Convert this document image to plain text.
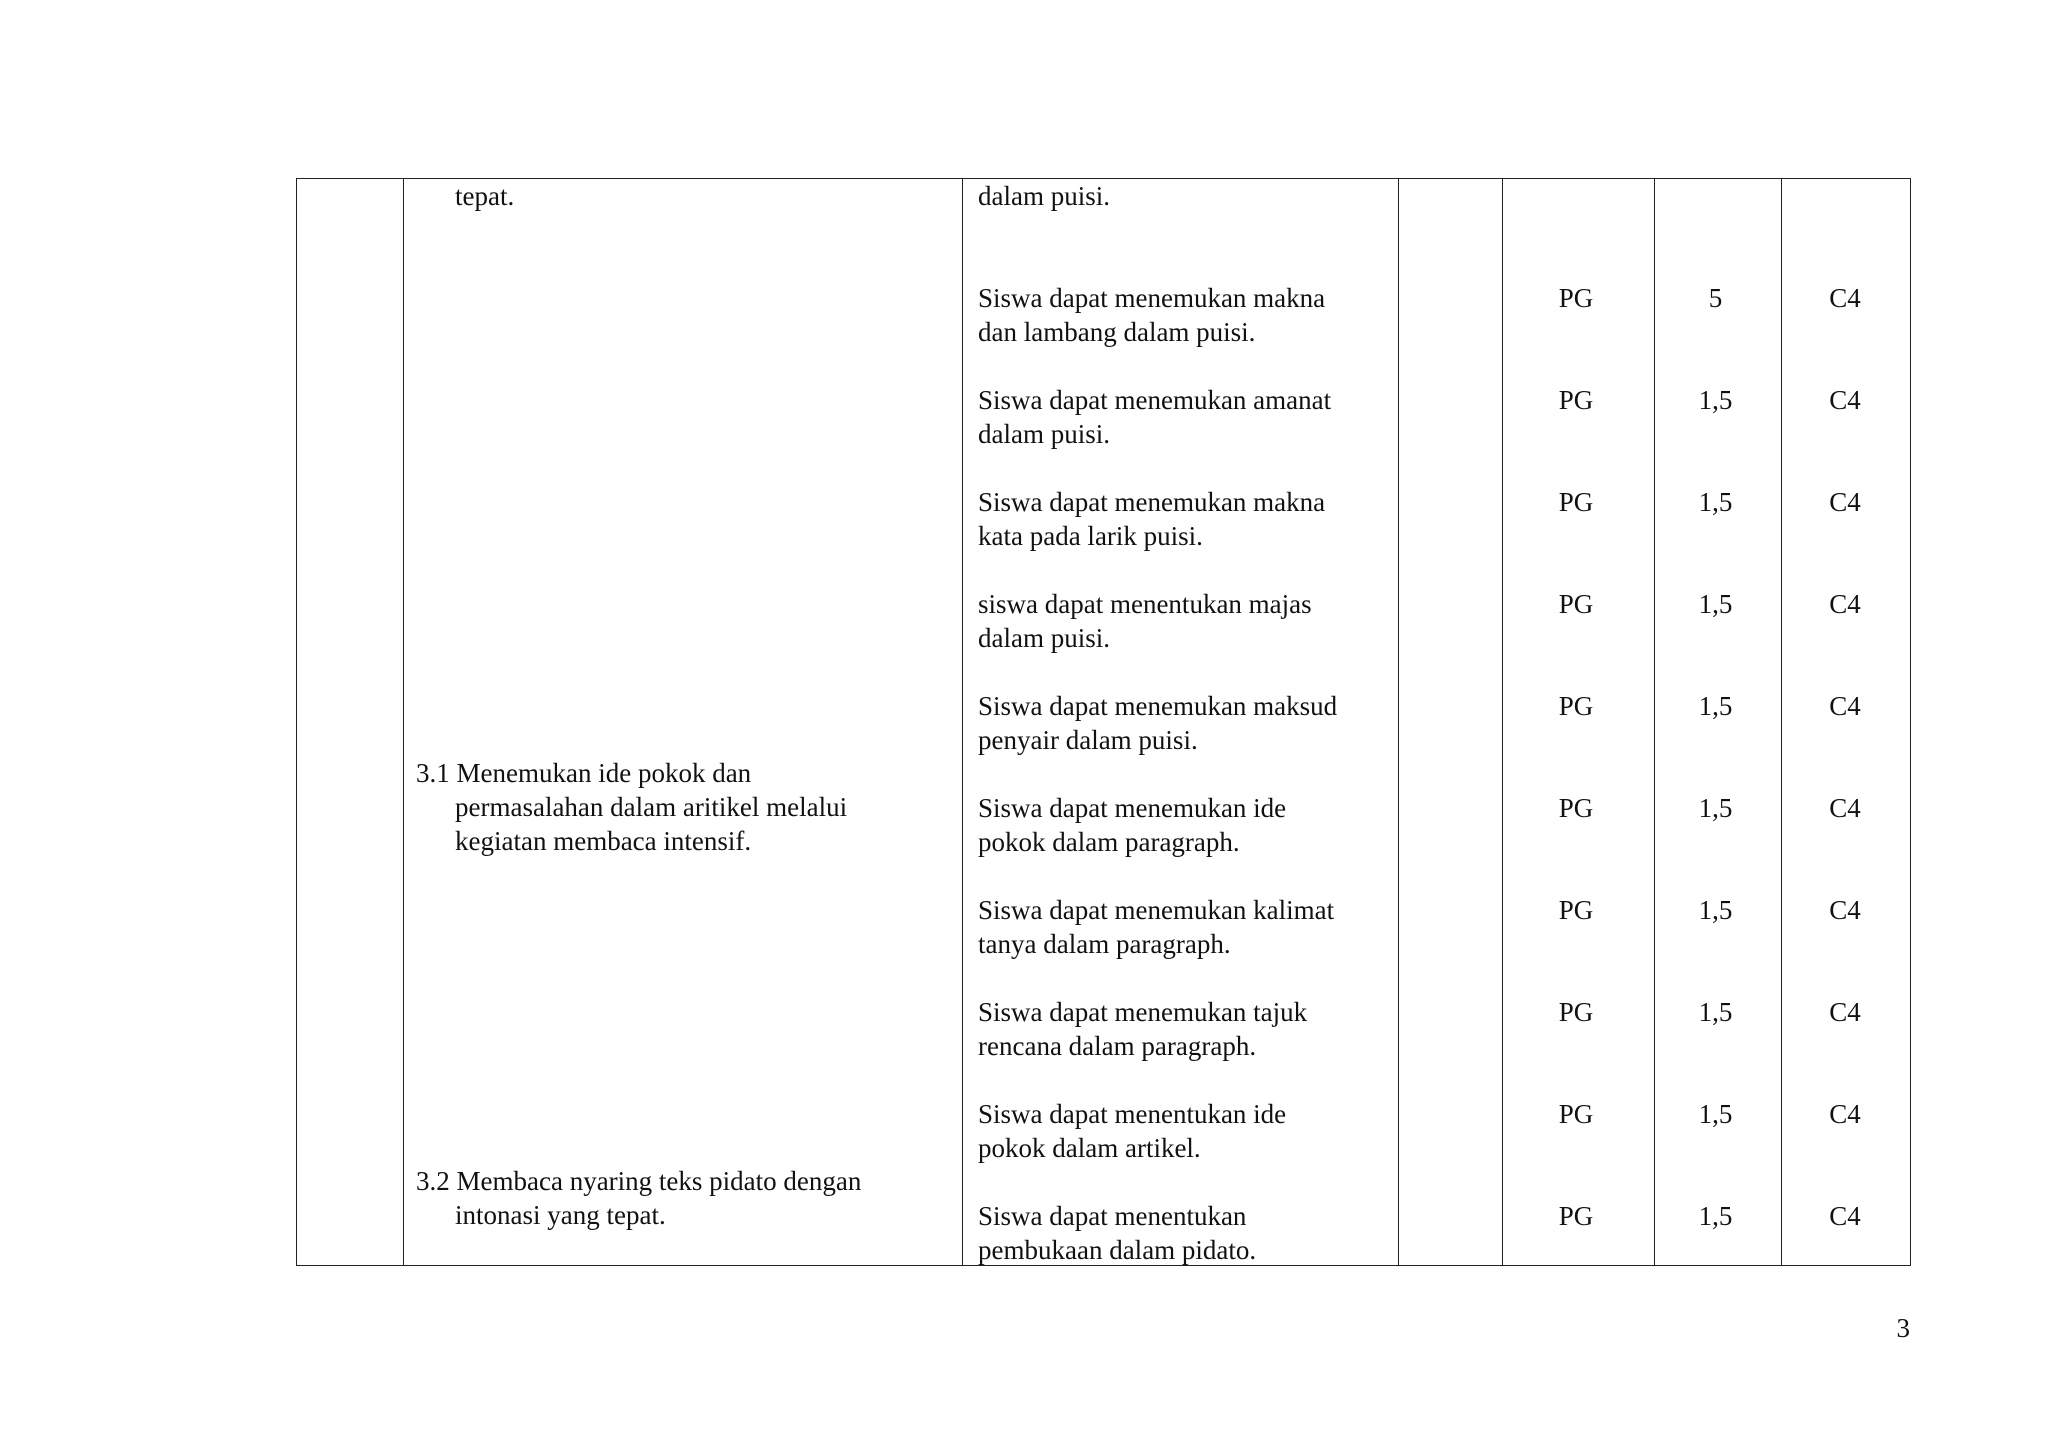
tepat.	dalam puisi.
3.1 Menemukan ide pokok dan
permasalahan dalam aritikel melalui
kegiatan membaca intensif.
3.2 Membaca nyaring teks pidato dengan
intonasi yang tepat.
Siswa dapat menemukan makna
dan lambang dalam puisi.
Siswa dapat menemukan amanat
dalam puisi.
Siswa dapat menemukan makna
kata pada larik puisi.
siswa dapat menentukan majas
dalam puisi.
Siswa dapat menemukan maksud
penyair dalam puisi.
Siswa dapat menemukan ide
pokok dalam paragraph.
Siswa dapat menemukan kalimat
tanya dalam paragraph.
Siswa dapat menemukan tajuk
rencana dalam paragraph.
Siswa dapat menentukan ide
pokok dalam artikel.
Siswa dapat menentukan
pembukaan dalam pidato.
PG
PG
PG
PG
PG
PG
PG
PG
PG
PG
5
1,5
1,5
1,5
1,5
1,5
1,5
1,5
1,5
1,5
C4
C4
C4
C4
C4
C4
C4
C4
C4
C4
3
